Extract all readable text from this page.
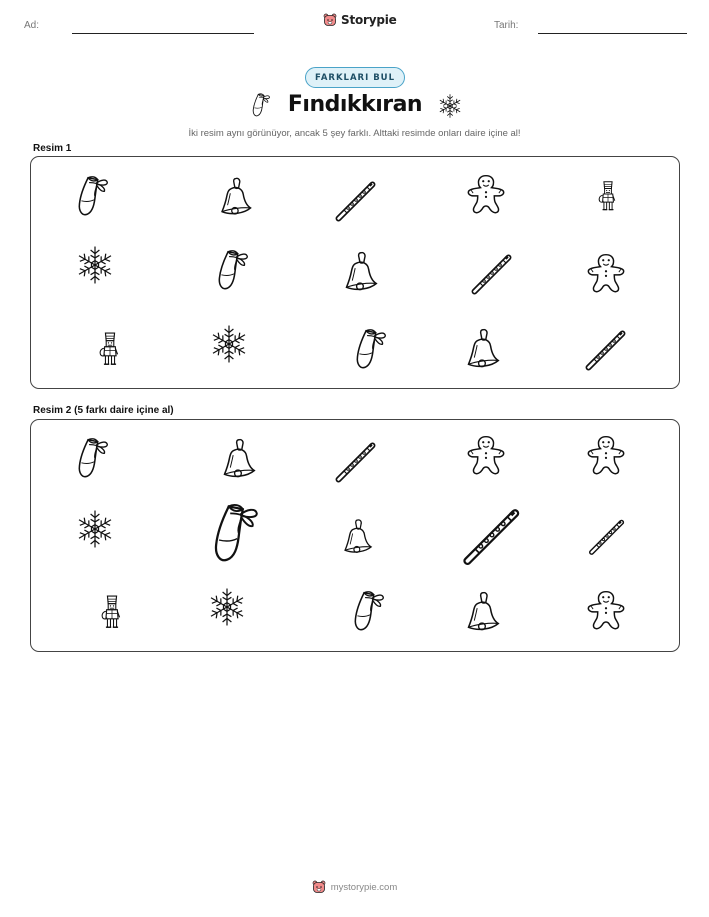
Ad:	Storypie	Tarih:
FARKLARI BUL
Fındıkkıran
İki resim aynı görünüyor, ancak 5 şey farklı. Alttaki resimde onları daire içine al!
Resim 1
Resim 2 (5 farkı daire içine al)
mystorypie.com
